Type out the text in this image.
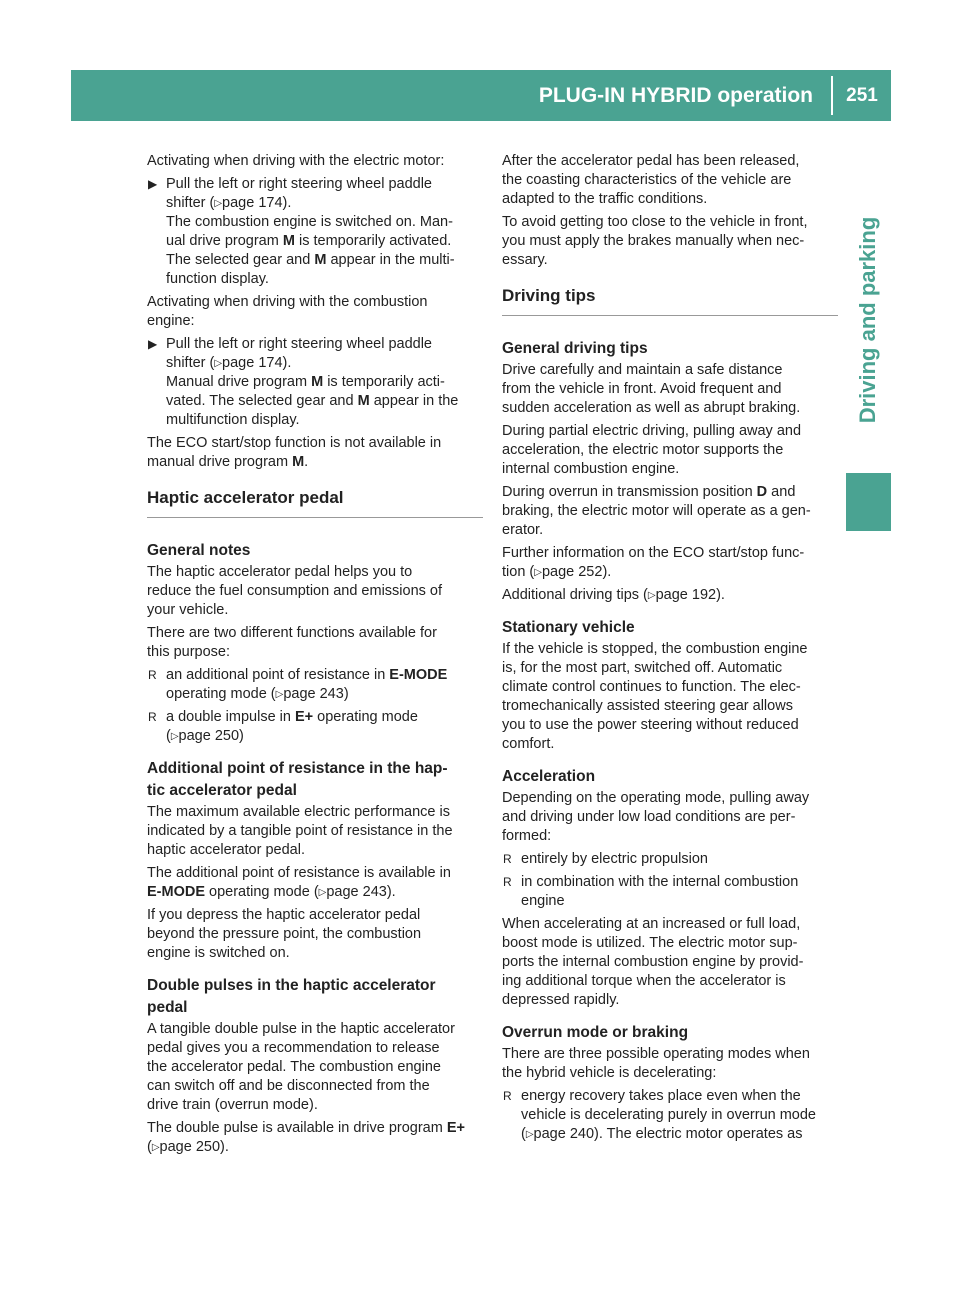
PLUG-IN HYBRID operation	251
Driving and parking

Activating when driving with the electric motor:

▶ Pull the left or right steering wheel paddle
shifter (▷page 174).
The combustion engine is switched on. Man-
ual drive program M is temporarily activated.
The selected gear and M appear in the multi-
function display.

Activating when driving with the combustion
engine:

▶ Pull the left or right steering wheel paddle
shifter (▷page 174).
Manual drive program M is temporarily acti-
vated. The selected gear and M appear in the
multifunction display.

The ECO start/stop function is not available in
manual drive program M.

Haptic accelerator pedal
General notes

The haptic accelerator pedal helps you to
reduce the fuel consumption and emissions of
your vehicle.

There are two different functions available for
this purpose:

R an additional point of resistance in E-MODE
operating mode (▷page 243)
R a double impulse in E+ operating mode
(▷page 250)
Additional point of resistance in the hap-
tic accelerator pedal

The maximum available electric performance is
indicated by a tangible point of resistance in the
haptic accelerator pedal.

The additional point of resistance is available in
E-MODE operating mode (▷page 243).

If you depress the haptic accelerator pedal
beyond the pressure point, the combustion
engine is switched on.

Double pulses in the haptic accelerator
pedal

A tangible double pulse in the haptic accelerator
pedal gives you a recommendation to release
the accelerator pedal. The combustion engine
can switch off and be disconnected from the
drive train (overrun mode).

The double pulse is available in drive program E+
(▷page 250).

After the accelerator pedal has been released,
the coasting characteristics of the vehicle are
adapted to the traffic conditions.

To avoid getting too close to the vehicle in front,
you must apply the brakes manually when nec-
essary.

Driving tips
General driving tips

Drive carefully and maintain a safe distance
from the vehicle in front. Avoid frequent and
sudden acceleration as well as abrupt braking.

During partial electric driving, pulling away and
acceleration, the electric motor supports the
internal combustion engine.

During overrun in transmission position D and
braking, the electric motor will operate as a gen-
erator.

Further information on the ECO start/stop func-
tion (▷page 252).

Additional driving tips (▷page 192).

Stationary vehicle

If the vehicle is stopped, the combustion engine
is, for the most part, switched off. Automatic
climate control continues to function. The elec-
tromechanically assisted steering gear allows
you to use the power steering without reduced
comfort.

Acceleration

Depending on the operating mode, pulling away
and driving under low load conditions are per-
formed:

R entirely by electric propulsion
R in combination with the internal combustion
engine

When accelerating at an increased or full load,
boost mode is utilized. The electric motor sup-
ports the internal combustion engine by provid-
ing additional torque when the accelerator is
depressed rapidly.

Overrun mode or braking

There are three possible operating modes when
the hybrid vehicle is decelerating:

R energy recovery takes place even when the
vehicle is decelerating purely in overrun mode
(▷page 240). The electric motor operates as
